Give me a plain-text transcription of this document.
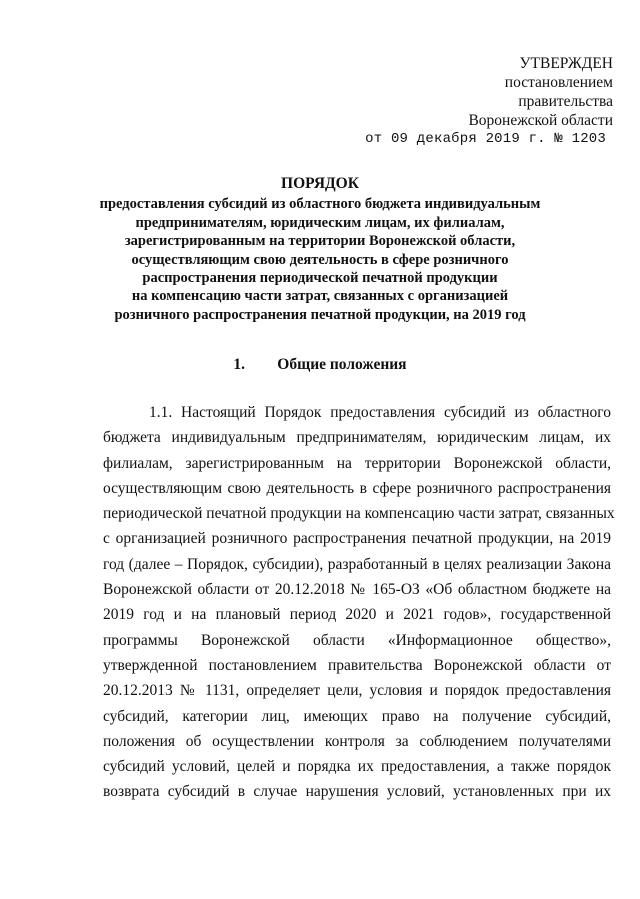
УТВЕРЖДЕН
постановлением
правительства
Воронежской области
от 09 декабря 2019 г. № 1203
ПОРЯДОК
предоставления субсидий из областного бюджета индивидуальным
предпринимателям, юридическим лицам, их филиалам,
зарегистрированным на территории Воронежской области,
осуществляющим свою деятельность в сфере розничного
распространения периодической печатной продукции
на компенсацию части затрат, связанных с организацией
розничного распространения печатной продукции, на 2019 год
1. Общие положения
1.1. Настоящий Порядок предоставления субсидий из областного
бюджета индивидуальным предпринимателям, юридическим лицам, их
филиалам, зарегистрированным на территории Воронежской области,
осуществляющим свою деятельность в сфере розничного распространения
периодической печатной продукции на компенсацию части затрат, связанных
с организацией розничного распространения печатной продукции, на 2019
год (далее – Порядок, субсидии), разработанный в целях реализации Закона
Воронежской области от 20.12.2018 № 165-ОЗ «Об областном бюджете на
2019 год и на плановый период 2020 и 2021 годов», государственной
программы Воронежской области «Информационное общество»,
утвержденной постановлением правительства Воронежской области от
20.12.2013 № 1131, определяет цели, условия и порядок предоставления
субсидий, категории лиц, имеющих право на получение субсидий,
положения об осуществлении контроля за соблюдением получателями
субсидий условий, целей и порядка их предоставления, а также порядок
возврата субсидий в случае нарушения условий, установленных при их
